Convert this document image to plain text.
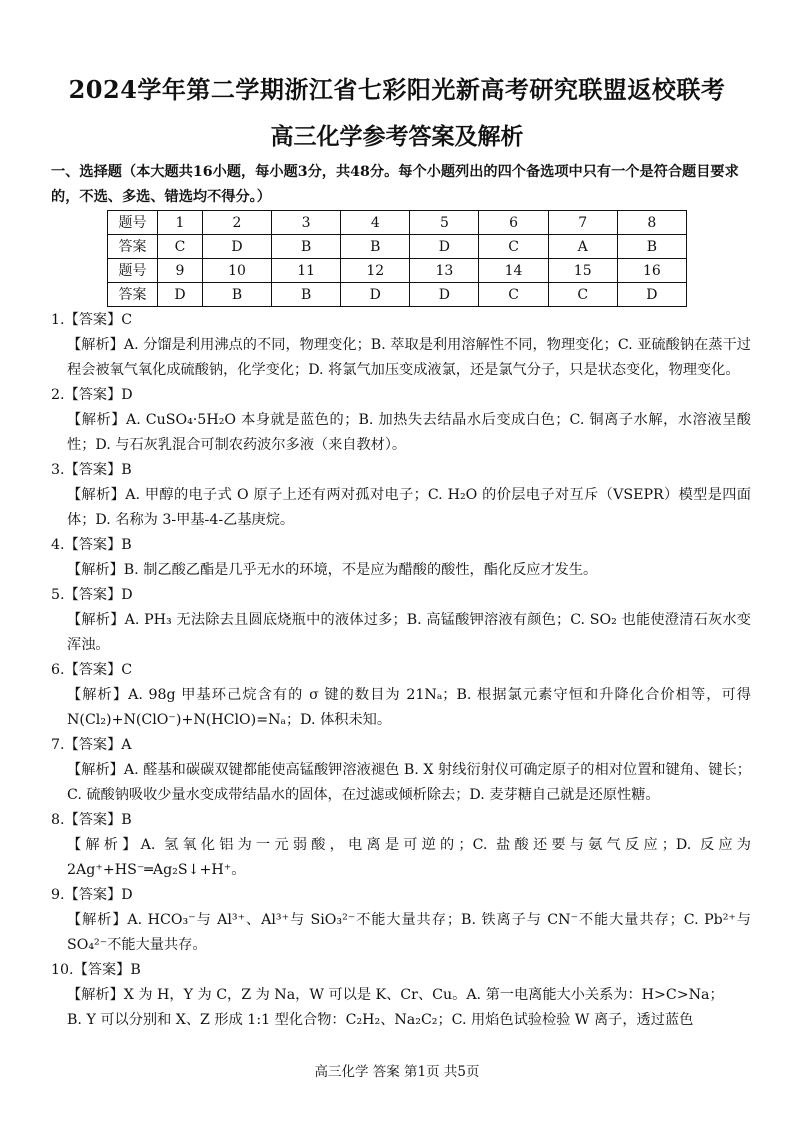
2024学年第二学期浙江省七彩阳光新高考研究联盟返校联考
高三化学参考答案及解析
一、选择题（本大题共16小题，每小题3分，共48分。每个小题列出的四个备选项中只有一个是符合题目要求的，不选、多选、错选均不得分。）
题号	1	2	3	4	5	6	7	8
答案	C	D	B	B	D	C	A	B
题号	9	10	11	12	13	14	15	16
答案	D	B	B	D	D	C	C	D
1.【答案】C
【解析】A. 分馏是利用沸点的不同，物理变化；B. 萃取是利用溶解性不同，物理变化；C. 亚硫酸钠在蒸干过程会被氧气氧化成硫酸钠，化学变化；D. 将氯气加压变成液氯，还是氯气分子，只是状态变化，物理变化。
2.【答案】D
【解析】A. CuSO₄·5H₂O 本身就是蓝色的；B. 加热失去结晶水后变成白色；C. 铜离子水解，水溶液呈酸性；D. 与石灰乳混合可制农药波尔多液（来自教材）。
3.【答案】B
【解析】A. 甲醇的电子式 O 原子上还有两对孤对电子；C. H₂O 的价层电子对互斥（VSEPR）模型是四面体；D. 名称为 3-甲基-4-乙基庚烷。
4.【答案】B
【解析】B. 制乙酸乙酯是几乎无水的环境，不是应为醋酸的酸性，酯化反应才发生。
5.【答案】D
【解析】A. PH₃ 无法除去且圆底烧瓶中的液体过多；B. 高锰酸钾溶液有颜色；C. SO₂ 也能使澄清石灰水变浑浊。
6.【答案】C
【解析】A. 98g 甲基环己烷含有的 σ 键的数目为 21Nₐ；B. 根据氯元素守恒和升降化合价相等，可得 N(Cl₂)+N(ClO⁻)+N(HClO)=Nₐ；D. 体积未知。
7.【答案】A
【解析】A. 醛基和碳碳双键都能使高锰酸钾溶液褪色 B. X 射线衍射仪可确定原子的相对位置和键角、键长；C. 硫酸钠吸收少量水变成带结晶水的固体，在过滤或倾析除去；D. 麦芽糖自己就是还原性糖。
8.【答案】B
【解析】A. 氢氧化铝为一元弱酸，电离是可逆的；C. 盐酸还要与氨气反应；D. 反应为 2Ag⁺+HS⁻═Ag₂S↓+H⁺。
9.【答案】D
【解析】A. HCO₃⁻与 Al³⁺、Al³⁺与 SiO₃²⁻不能大量共存；B. 铁离子与 CN⁻不能大量共存；C. Pb²⁺与 SO₄²⁻不能大量共存。
10.【答案】B
【解析】X 为 H，Y 为 C，Z 为 Na，W 可以是 K、Cr、Cu。A. 第一电离能大小关系为：H>C>Na；
B. Y 可以分别和 X、Z 形成 1:1 型化合物：C₂H₂、Na₂C₂；C. 用焰色试验检验 W 离子，透过蓝色
高三化学 答案 第1页 共5页
